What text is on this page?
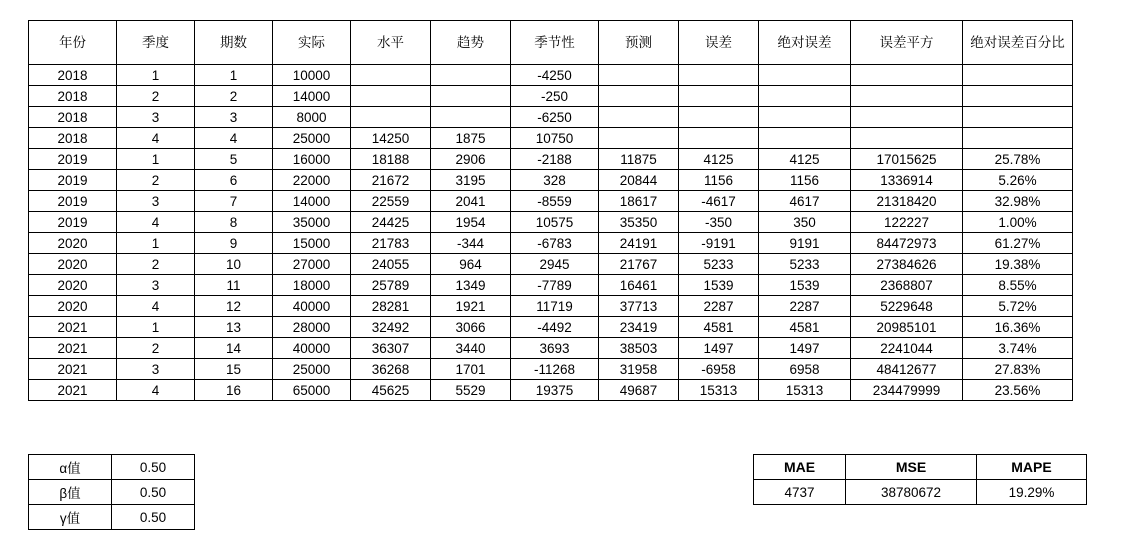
年份	季度	期数	实际	水平	趋势	季节性	预测	误差	绝对误差	误差平方	绝对误差百分比
2018	1	1	10000			-4250					
2018	2	2	14000			-250					
2018	3	3	8000			-6250					
2018	4	4	25000	14250	1875	10750					
2019	1	5	16000	18188	2906	-2188	11875	4125	4125	17015625	25.78%
2019	2	6	22000	21672	3195	328	20844	1156	1156	1336914	5.26%
2019	3	7	14000	22559	2041	-8559	18617	-4617	4617	21318420	32.98%
2019	4	8	35000	24425	1954	10575	35350	-350	350	122227	1.00%
2020	1	9	15000	21783	-344	-6783	24191	-9191	9191	84472973	61.27%
2020	2	10	27000	24055	964	2945	21767	5233	5233	27384626	19.38%
2020	3	11	18000	25789	1349	-7789	16461	1539	1539	2368807	8.55%
2020	4	12	40000	28281	1921	11719	37713	2287	2287	5229648	5.72%
2021	1	13	28000	32492	3066	-4492	23419	4581	4581	20985101	16.36%
2021	2	14	40000	36307	3440	3693	38503	1497	1497	2241044	3.74%
2021	3	15	25000	36268	1701	-11268	31958	-6958	6958	48412677	27.83%
2021	4	16	65000	45625	5529	19375	49687	15313	15313	234479999	23.56%
α值	0.50
β值	0.50
γ值	0.50
MAE	MSE	MAPE
4737	38780672	19.29%
